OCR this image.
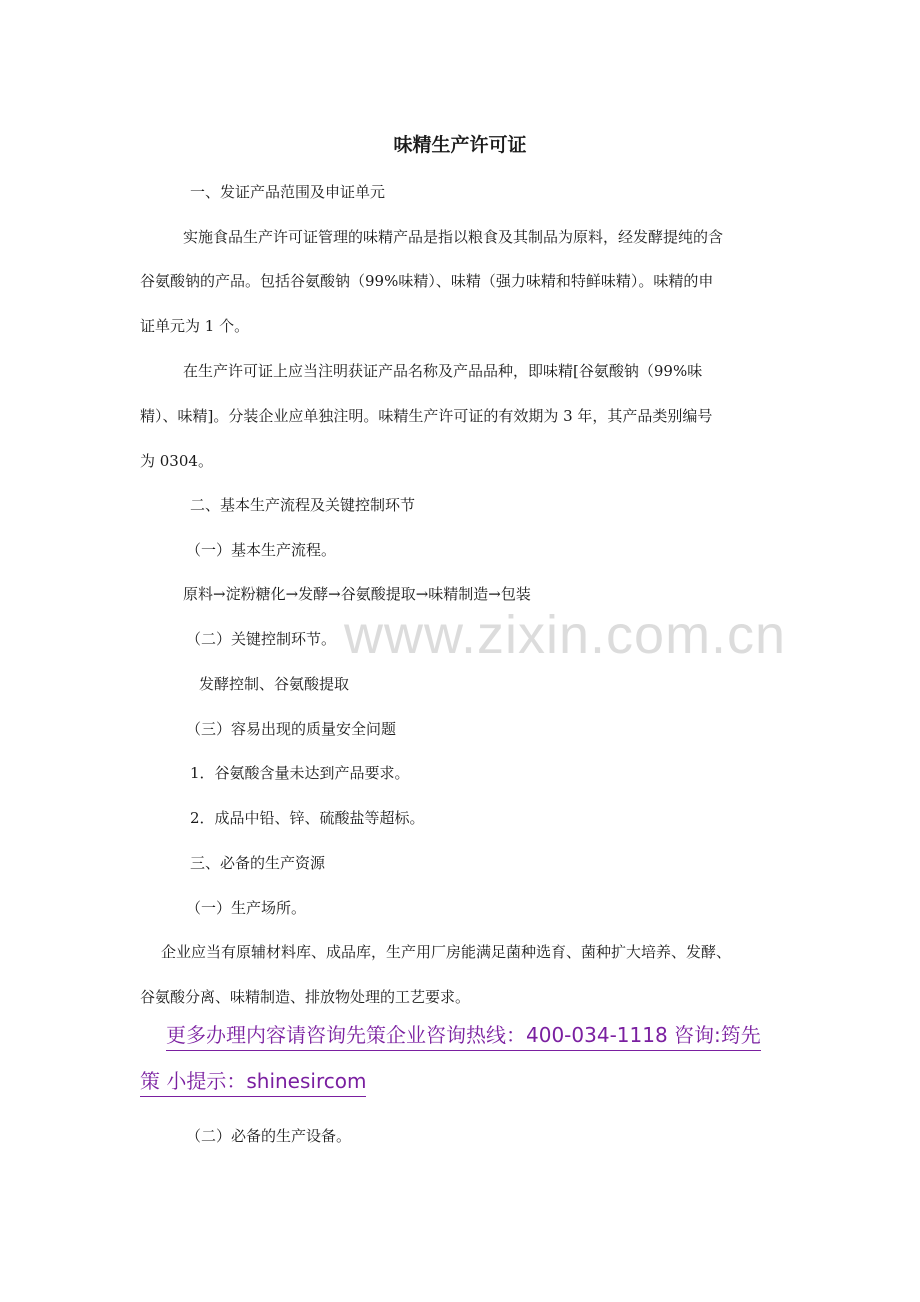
www.zixin.com.cn
味精生产许可证
一、发证产品范围及申证单元
实施食品生产许可证管理的味精产品是指以粮食及其制品为原料，经发酵提纯的含
谷氨酸钠的产品。包括谷氨酸钠（99%味精）、味精（强力味精和特鲜味精）。味精的申
证单元为 1 个。
在生产许可证上应当注明获证产品名称及产品品种，即味精[谷氨酸钠（99%味
精）、味精]。分装企业应单独注明。味精生产许可证的有效期为 3 年，其产品类别编号
为 0304。
二、基本生产流程及关键控制环节
（一）基本生产流程。
原料→淀粉糖化→发酵→谷氨酸提取→味精制造→包装
（二）关键控制环节。
发酵控制、谷氨酸提取
（三）容易出现的质量安全问题
1．谷氨酸含量未达到产品要求。
2．成品中铅、锌、硫酸盐等超标。
三、必备的生产资源
（一）生产场所。
企业应当有原辅材料库、成品库，生产用厂房能满足菌种选育、菌种扩大培养、发酵、
谷氨酸分离、味精制造、排放物处理的工艺要求。
更多办理内容请咨询先策企业咨询热线：400-034-1118 咨询:筠先
策 小提示：shinesircom
（二）必备的生产设备。
